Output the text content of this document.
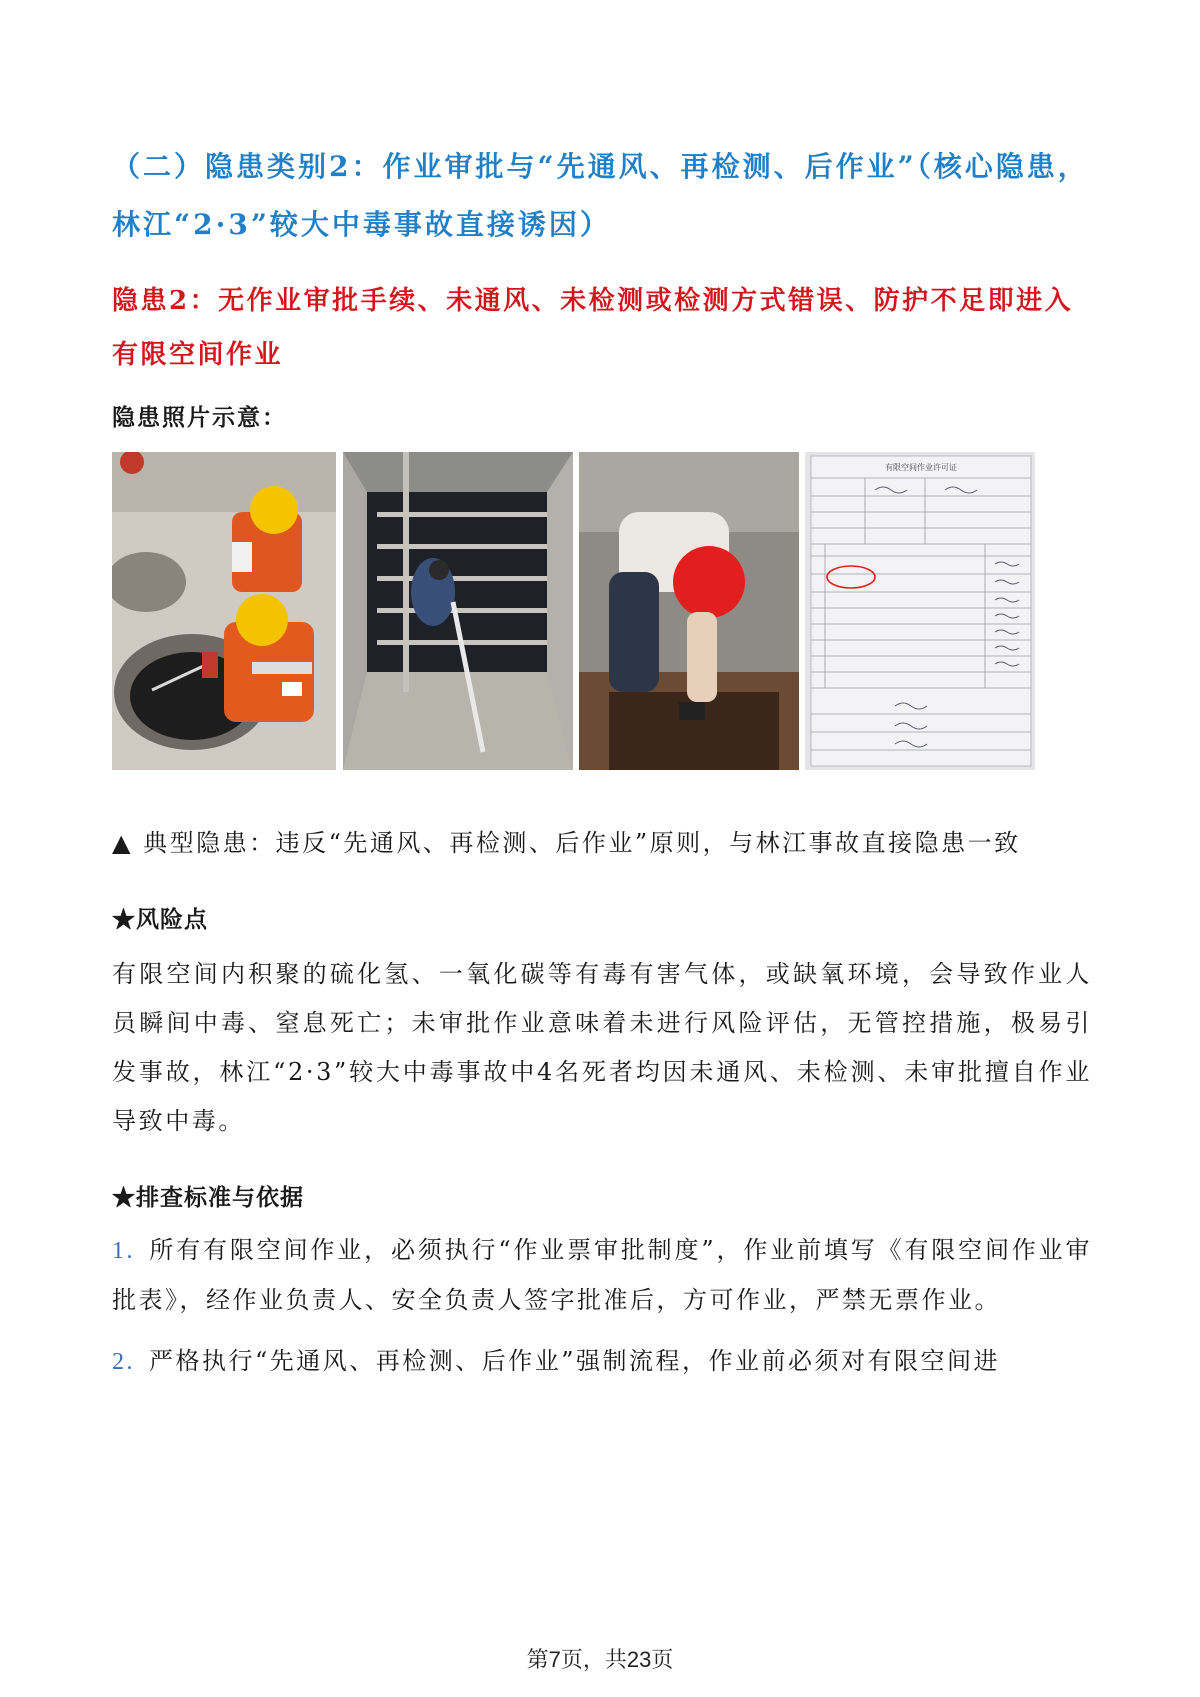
（二）隐患类别2：作业审批与“先通风、再检测、后作业”（核心隐患，林江“2·3”较大中毒事故直接诱因）
隐患2：无作业审批手续、未通风、未检测或检测方式错误、防护不足即进入有限空间作业

隐患照片示意：

有限空间作业许可证

▲ 典型隐患：违反“先通风、再检测、后作业”原则，与林江事故直接隐患一致

★风险点

有限空间内积聚的硫化氢、一氧化碳等有毒有害气体，或缺氧环境，会导致作业人员瞬间中毒、窒息死亡；未审批作业意味着未进行风险评估，无管控措施，极易引发事故，林江“2·3”较大中毒事故中4名死者均因未通风、未检测、未审批擅自作业导致中毒。

★排查标准与依据

1. 所有有限空间作业，必须执行“作业票审批制度”，作业前填写《有限空间作业审批表》，经作业负责人、安全负责人签字批准后，方可作业，严禁无票作业。
2. 严格执行“先通风、再检测、后作业”强制流程，作业前必须对有限空间进
第7页，共23页
